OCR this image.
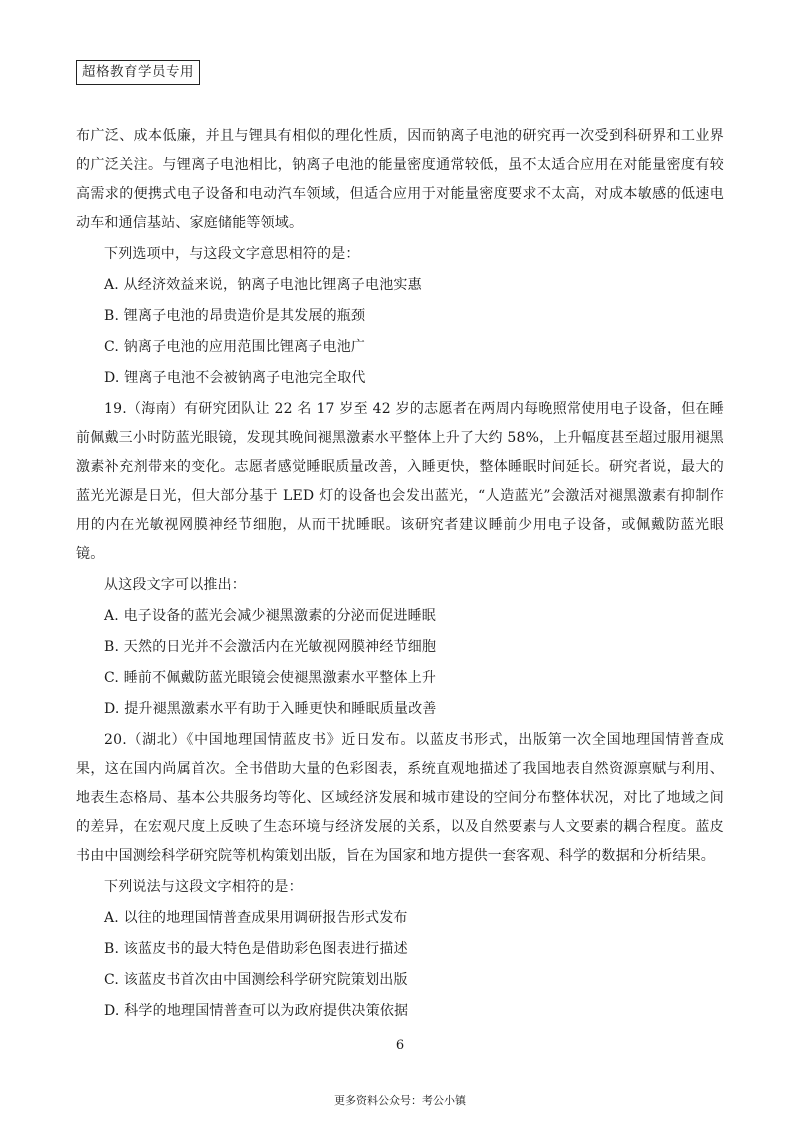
超格教育学员专用

布广泛、成本低廉，并且与锂具有相似的理化性质，因而钠离子电池的研究再一次受到科研界和工业界的广泛关注。与锂离子电池相比，钠离子电池的能量密度通常较低，虽不太适合应用在对能量密度有较高需求的便携式电子设备和电动汽车领域，但适合应用于对能量密度要求不太高，对成本敏感的低速电动车和通信基站、家庭储能等领域。

下列选项中，与这段文字意思相符的是：

A. 从经济效益来说，钠离子电池比锂离子电池实惠

B. 锂离子电池的昂贵造价是其发展的瓶颈

C. 钠离子电池的应用范围比锂离子电池广

D. 锂离子电池不会被钠离子电池完全取代

19.（海南）有研究团队让 22 名 17 岁至 42 岁的志愿者在两周内每晚照常使用电子设备，但在睡前佩戴三小时防蓝光眼镜，发现其晚间褪黑激素水平整体上升了大约 58%，上升幅度甚至超过服用褪黑激素补充剂带来的变化。志愿者感觉睡眠质量改善，入睡更快，整体睡眠时间延长。研究者说，最大的蓝光光源是日光，但大部分基于 LED 灯的设备也会发出蓝光，“人造蓝光”会激活对褪黑激素有抑制作用的内在光敏视网膜神经节细胞，从而干扰睡眠。该研究者建议睡前少用电子设备，或佩戴防蓝光眼镜。

从这段文字可以推出：

A. 电子设备的蓝光会减少褪黑激素的分泌而促进睡眠

B. 天然的日光并不会激活内在光敏视网膜神经节细胞

C. 睡前不佩戴防蓝光眼镜会使褪黑激素水平整体上升

D. 提升褪黑激素水平有助于入睡更快和睡眠质量改善

20.（湖北）《中国地理国情蓝皮书》近日发布。以蓝皮书形式，出版第一次全国地理国情普查成果，这在国内尚属首次。全书借助大量的色彩图表，系统直观地描述了我国地表自然资源禀赋与利用、地表生态格局、基本公共服务均等化、区域经济发展和城市建设的空间分布整体状况，对比了地域之间的差异，在宏观尺度上反映了生态环境与经济发展的关系，以及自然要素与人文要素的耦合程度。蓝皮书由中国测绘科学研究院等机构策划出版，旨在为国家和地方提供一套客观、科学的数据和分析结果。

下列说法与这段文字相符的是：

A. 以往的地理国情普查成果用调研报告形式发布

B. 该蓝皮书的最大特色是借助彩色图表进行描述

C. 该蓝皮书首次由中国测绘科学研究院策划出版

D. 科学的地理国情普查可以为政府提供决策依据

6
更多资料公众号：考公小镇
